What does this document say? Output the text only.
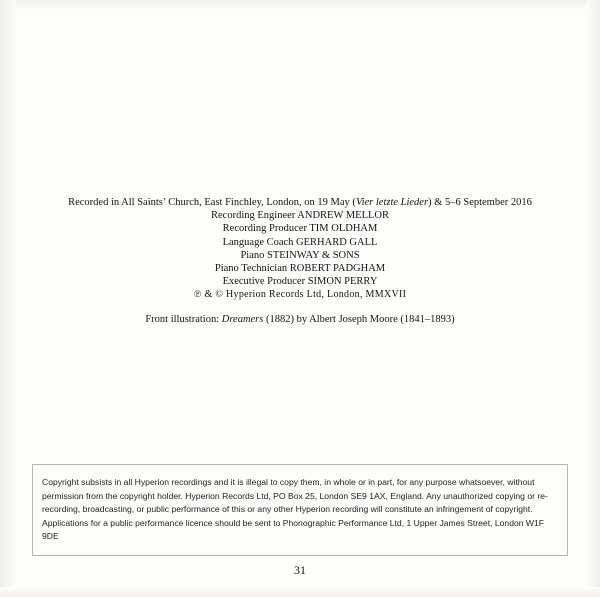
Recorded in All Saints’ Church, East Finchley, London, on 19 May (Vier letzte Lieder) & 5–6 September 2016
Recording Engineer ANDREW MELLOR
Recording Producer TIM OLDHAM
Language Coach GERHARD GALL
Piano STEINWAY & SONS
Piano Technician ROBERT PADGHAM
Executive Producer SIMON PERRY
℗ & © Hyperion Records Ltd, London, MMXVII
Front illustration: Dreamers (1882) by Albert Joseph Moore (1841–1893)
Copyright subsists in all Hyperion recordings and it is illegal to copy them, in whole or in part, for any purpose whatsoever, without permission from the copyright holder. Hyperion Records Ltd, PO Box 25, London SE9 1AX, England. Any unauthorized copying or re-recording, broadcasting, or public performance of this or any other Hyperion recording will constitute an infringement of copyright. Applications for a public performance licence should be sent to Phonographic Performance Ltd, 1 Upper James Street, London W1F 9DE
31
